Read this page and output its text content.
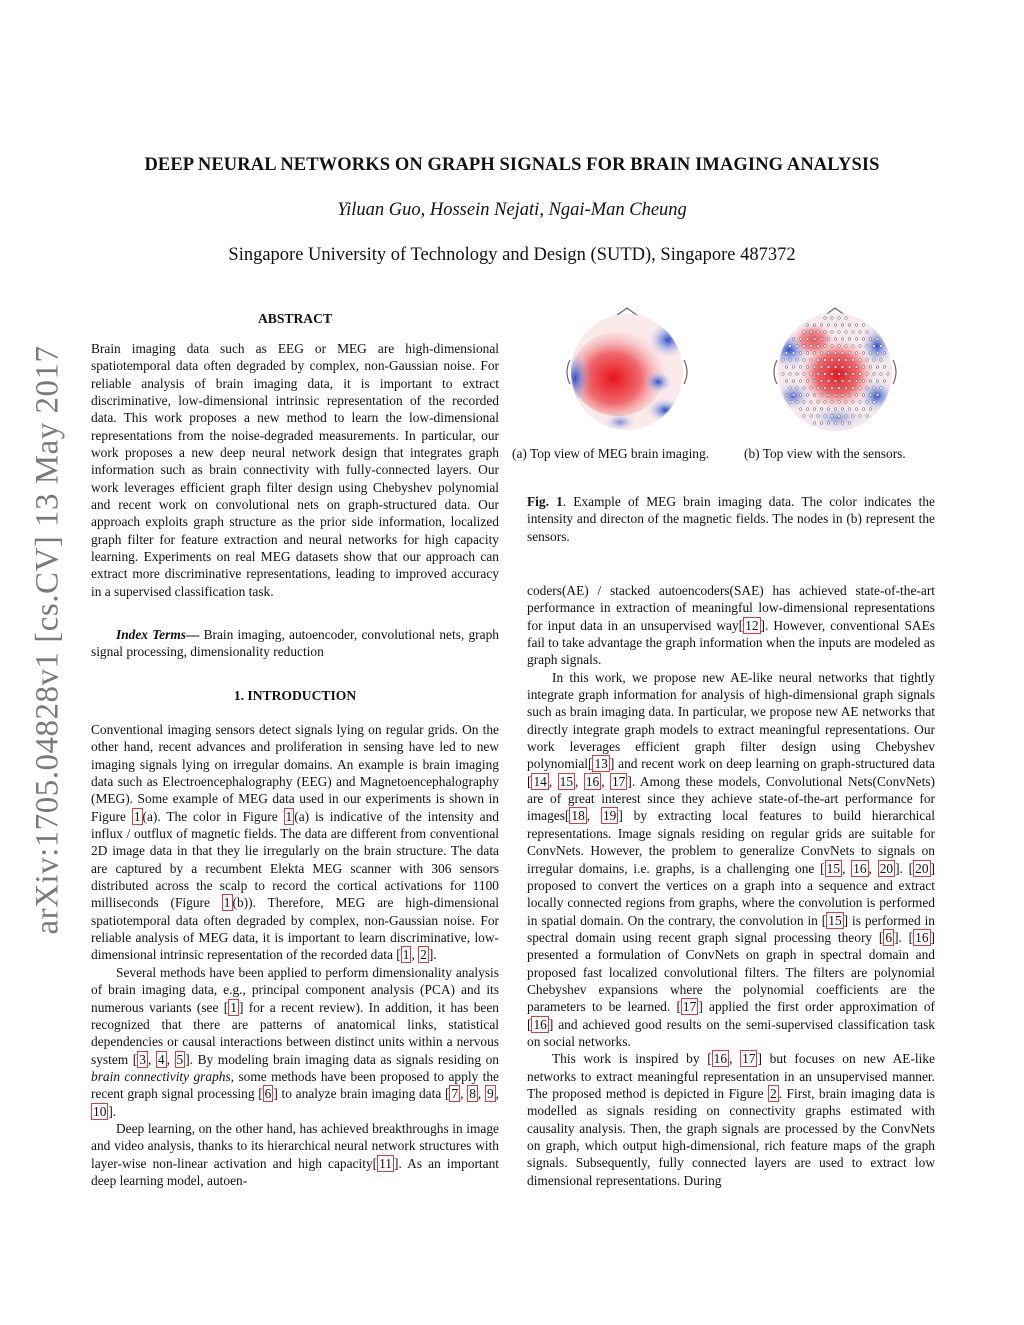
arXiv:1705.04828v1 [cs.CV] 13 May 2017
DEEP NEURAL NETWORKS ON GRAPH SIGNALS FOR BRAIN IMAGING ANALYSIS
Yiluan Guo, Hossein Nejati, Ngai-Man Cheung
Singapore University of Technology and Design (SUTD), Singapore 487372
ABSTRACT

Brain imaging data such as EEG or MEG are high-dimensional spatiotemporal data often degraded by complex, non-Gaussian noise. For reliable analysis of brain imaging data, it is important to extract discriminative, low-dimensional intrinsic representation of the recorded data. This work proposes a new method to learn the low-dimensional representations from the noise-degraded measurements. In particular, our work proposes a new deep neural network design that integrates graph information such as brain connectivity with fully-connected layers. Our work leverages efficient graph filter design using Chebyshev polynomial and recent work on convolutional nets on graph-structured data. Our approach exploits graph structure as the prior side information, localized graph filter for feature extraction and neural networks for high capacity learning. Experiments on real MEG datasets show that our approach can extract more discriminative representations, leading to improved accuracy in a supervised classification task.

Index Terms— Brain imaging, autoencoder, convolutional nets, graph signal processing, dimensionality reduction
1. INTRODUCTION

Conventional imaging sensors detect signals lying on regular grids. On the other hand, recent advances and proliferation in sensing have led to new imaging signals lying on irregular domains. An example is brain imaging data such as Electroencephalography (EEG) and Magnetoencephalography (MEG). Some example of MEG data used in our experiments is shown in Figure 1 (a). The color in Figure 1 (a) is indicative of the intensity and influx / outflux of magnetic fields. The data are different from conventional 2D image data in that they lie irregularly on the brain structure. The data are captured by a recumbent Elekta MEG scanner with 306 sensors distributed across the scalp to record the cortical activations for 1100 milliseconds (Figure 1 (b)). Therefore, MEG are high-dimensional spatiotemporal data often degraded by complex, non-Gaussian noise. For reliable analysis of MEG data, it is important to learn discriminative, low-dimensional intrinsic representation of the recorded data [ 1 , 2 ].

Several methods have been applied to perform dimensionality analysis of brain imaging data, e.g., principal component analysis (PCA) and its numerous variants (see [ 1 ] for a recent review). In addition, it has been recognized that there are patterns of anatomical links, statistical dependencies or causal interactions between distinct units within a nervous system [ 3 , 4 , 5 ]. By modeling brain imaging data as signals residing on brain connectivity graphs, some methods have been proposed to apply the recent graph signal processing [ 6 ] to analyze brain imaging data [ 7 , 8 , 9 , 10 ].

Deep learning, on the other hand, has achieved breakthroughs in image and video analysis, thanks to its hierarchical neural network structures with layer-wise non-linear activation and high capacity[ 11 ]. As an important deep learning model, autoen-

(a) Top view of MEG brain imaging.	(b) Top view with the sensors.
Fig. 1. Example of MEG brain imaging data. The color indicates the intensity and directon of the magnetic fields. The nodes in (b) represent the sensors.

coders(AE) / stacked autoencoders(SAE) has achieved state-of-the-art performance in extraction of meaningful low-dimensional representations for input data in an unsupervised way[ 12 ]. However, conventional SAEs fail to take advantage the graph information when the inputs are modeled as graph signals.

In this work, we propose new AE-like neural networks that tightly integrate graph information for analysis of high-dimensional graph signals such as brain imaging data. In particular, we propose new AE networks that directly integrate graph models to extract meaningful representations. Our work leverages efficient graph filter design using Chebyshev polynomial[ 13 ] and recent work on deep learning on graph-structured data [ 14 , 15 , 16 , 17 ]. Among these models, Convolutional Nets(ConvNets) are of great interest since they achieve state-of-the-art performance for images[ 18 , 19 ] by extracting local features to build hierarchical representations. Image signals residing on regular grids are suitable for ConvNets. However, the problem to generalize ConvNets to signals on irregular domains, i.e. graphs, is a challenging one [ 15 , 16 , 20 ]. [ 20 ] proposed to convert the vertices on a graph into a sequence and extract locally connected regions from graphs, where the convolution is performed in spatial domain. On the contrary, the convolution in [ 15 ] is performed in spectral domain using recent graph signal processing theory [ 6 ]. [ 16 ] presented a formulation of ConvNets on graph in spectral domain and proposed fast localized convolutional filters. The filters are polynomial Chebyshev expansions where the polynomial coefficients are the parameters to be learned. [ 17 ] applied the first order approximation of [ 16 ] and achieved good results on the semi-supervised classification task on social networks.

This work is inspired by [ 16 , 17 ] but focuses on new AE-like networks to extract meaningful representation in an unsupervised manner. The proposed method is depicted in Figure 2 . First, brain imaging data is modelled as signals residing on connectivity graphs estimated with causality analysis. Then, the graph signals are processed by the ConvNets on graph, which output high-dimensional, rich feature maps of the graph signals. Subsequently, fully connected layers are used to extract low dimensional representations. During
